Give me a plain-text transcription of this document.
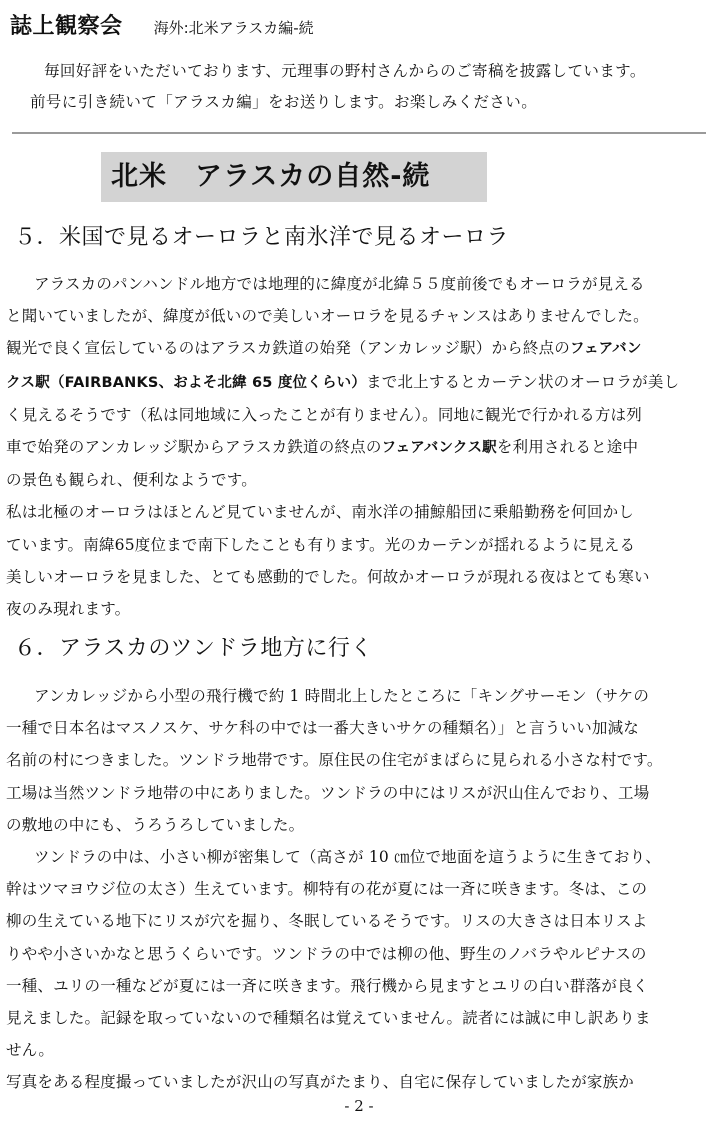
誌上観察会 海外:北米アラスカ編-続
毎回好評をいただいております、元理事の野村さんからのご寄稿を披露しています。
前号に引き続いて「アラスカ編」をお送りします。お楽しみください。
北米　アラスカの自然-続
５．米国で見るオーロラと南氷洋で見るオーロラ
アラスカのパンハンドル地方では地理的に緯度が北緯５５度前後でもオーロラが見える
と聞いていましたが、緯度が低いので美しいオーロラを見るチャンスはありませんでした。
観光で良く宣伝しているのはアラスカ鉄道の始発（アンカレッジ駅）から終点のフェアバン
クス駅（FAIRBANKS、およそ北緯 65 度位くらい）まで北上するとカーテン状のオーロラが美し
く見えるそうです（私は同地域に入ったことが有りません）。同地に観光で行かれる方は列
車で始発のアンカレッジ駅からアラスカ鉄道の終点のフェアバンクス駅を利用されると途中
の景色も観られ、便利なようです。
私は北極のオーロラはほとんど見ていませんが、南氷洋の捕鯨船団に乗船勤務を何回かし
ています。南緯65度位まで南下したことも有ります。光のカーテンが揺れるように見える
美しいオーロラを見ました、とても感動的でした。何故かオーロラが現れる夜はとても寒い
夜のみ現れます。
６．アラスカのツンドラ地方に行く
アンカレッジから小型の飛行機で約 1 時間北上したところに「キングサーモン（サケの
一種で日本名はマスノスケ、サケ科の中では一番大きいサケの種類名）」と言ういい加減な
名前の村につきました。ツンドラ地帯です。原住民の住宅がまばらに見られる小さな村です。
工場は当然ツンドラ地帯の中にありました。ツンドラの中にはリスが沢山住んでおり、工場
の敷地の中にも、うろうろしていました。
ツンドラの中は、小さい柳が密集して（高さが 10 ㎝位で地面を這うように生きており、
幹はツマヨウジ位の太さ）生えています。柳特有の花が夏には一斉に咲きます。冬は、この
柳の生えている地下にリスが穴を掘り、冬眠しているそうです。リスの大きさは日本リスよ
りやや小さいかなと思うくらいです。ツンドラの中では柳の他、野生のノバラやルピナスの
一種、ユリの一種などが夏には一斉に咲きます。飛行機から見ますとユリの白い群落が良く
見えました。記録を取っていないので種類名は覚えていません。読者には誠に申し訳ありま
せん。
写真をある程度撮っていましたが沢山の写真がたまり、自宅に保存していましたが家族か
- 2 -
